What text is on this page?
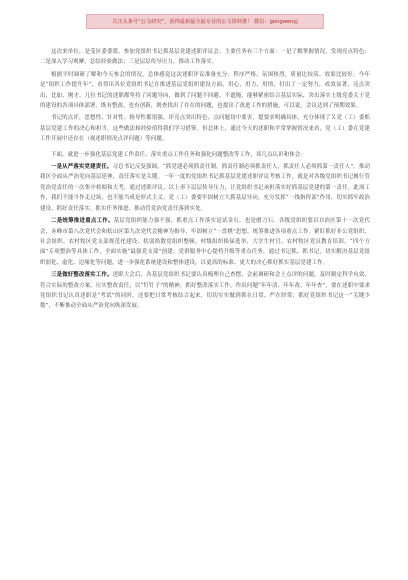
关注头条号“公文研究”，获得最新最全最专业的公文资料推！ 微信：gongwenyj

这次来单位，是受区委委派，参加党组织书记抓基层党建述职评议会。主要任务有三个方面：一是了解掌握情况，发现亮点特色；二是深入学习观摩，总结经验做法；三是层层传导压力，推动工作落实。

根据平时调研了解和今天参会的情况，总体感觉这次述职评议准备充分、程序严格、氛围热烈，质量比较高、效果比较好。今年是“组织工作提升年”，看得出各位党组织书记在推进基层党组织建设方面，用心、用力、用情，付出了一定努力，成效显著、亮点突出，比如，刚才，几位书记的述职都坚持了问题导向，做到了问题不回避、不遮掩，能够紧密结合基层实际，突出落实上级党委关于党的建设的各项具体部署，既有整改，也有创新，既查找出了存在的问题，也提出了改进工作的措施，可以说，会议达到了预期效果。

书记的点评，思想性、针对性、指导性都很强，评亮点突出特色、点问题切中要害，提要求明确具体，充分体现了Ｘ党（工）委抓基层党建工作的决心和担当，这些做法和经验值得我们学习借鉴。但总体上，通过今天的述职和平常掌握情况来看，党（工）委在党建工作开展中还存在（视述职情况点评问题）等问题。

下面，就进一步强化基层党建工作责任、落实重点工作任务和强化问题整改等工作，谈几点认识和体会：

一是从严落实党建责任。习总书记反复强调，“抓党建必须抓责任制，抓责任制必须抓责任人，抓责任人必须抓第一责任人”。推动我区全面从严治党向基层延伸，责任落实是关键。一年一度的党组织书记抓基层党建述职评议考核工作，就是对各级党组织书记履行管党治党责任的一次集中检阅和大考，通过述职评议，以上率下层层传导压力，让党组织书记承担落实好抓基层党建的第一责任。此项工作，我们不能当作走过场，也不能当成是形式主义。党（工）委要牢固树立大抓基层导向，充分发挥“一线指挥部”作用，切实抓牢政治建设、抓好责任落实、抓实任务推进、推动管党治党责任落到实处。

二是统筹推进重点工作。基层党组织能力强不强，抓重点工作落实是试金石，也是磨刀石。各级党组织要以自治区第十一次党代会、赤峰市第八次党代会和松山区第九次党代会精神为指导，牢固树立“一盘棋”思想，统筹推进各项重点工作。紧盯抓好非公党组织、社会组织、农村牧区党支部规范化建设、软弱涣散党组织整顿、村级组织换届选举、大学生村官、农村牧区党员教育培训、“四个方面”专项整治等具体工作，全面实施“最强党支部”创建、党群服务中心提档升级等重点任务，通过书记抓、抓书记，切实解决基层党组织弱化、虚化、边缘化等问题，进一步强化系统建设和整体建设，以更高的标准、更大的决心抓好抓实基层党建工作。

三是做好整改落实工作。述职大会后，各基层党组织书记要认真梳理自己查摆、会前调研和会上点评的问题，及时制定科学有效、符合实际的整改方案，压实整改责任，以“钉钉子”的精神，抓好整改落实工作，作出问题“年年清、年年改、年年查”，要在述职中要求党组织书记认真述职是“考试”的同时，还要把日常考核结合起来，切切实实做到抓在日常、严在经常，抓好党组织书记这一“关键少数”，不断推动全面从严治党向纵深发展。
